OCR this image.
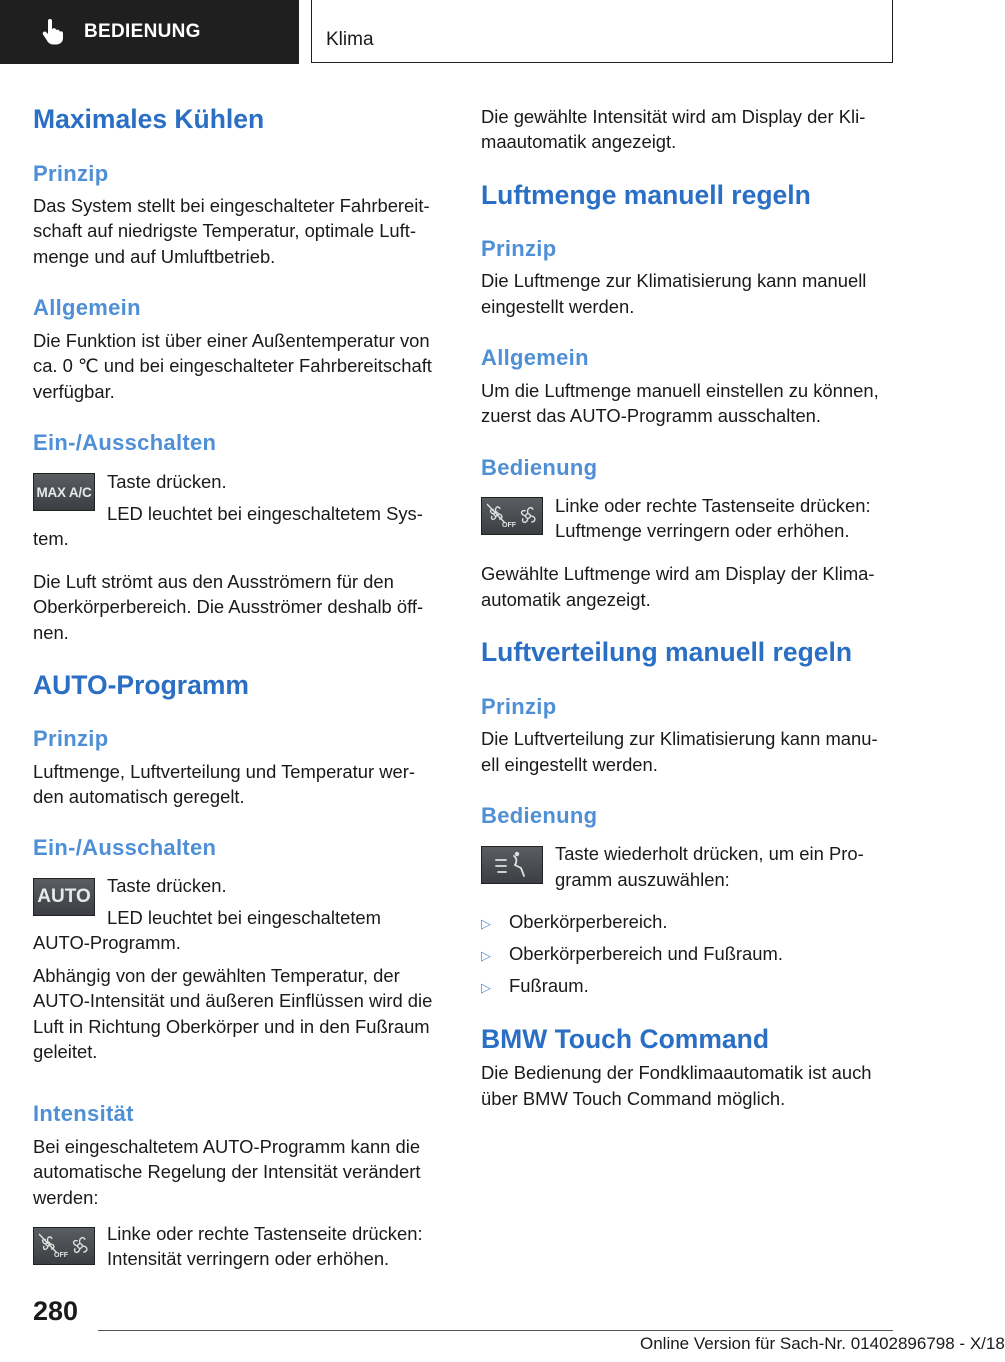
BEDIENUNG	Klima
Maximales Kühlen
Prinzip
Das System stellt bei eingeschalteter Fahrbereit-
schaft auf niedrigste Temperatur, optimale Luft-
menge und auf Umluftbetrieb.
Allgemein
Die Funktion ist über einer Außentemperatur von
ca. 0 ℃ und bei eingeschalteter Fahrbereitschaft
verfügbar.
Ein-/Ausschalten
MAX A/C Taste drücken.
LED leuchtet bei eingeschaltetem Sys-
tem.
Die Luft strömt aus den Ausströmern für den
Oberkörperbereich. Die Ausströmer deshalb öff-
nen.
AUTO-Programm
Prinzip
Luftmenge, Luftverteilung und Temperatur wer-
den automatisch geregelt.
Ein-/Ausschalten
AUTO
Taste drücken.
LED leuchtet bei eingeschaltetem
AUTO-Programm.
Abhängig von der gewählten Temperatur, der
AUTO-Intensität und äußeren Einflüssen wird die
Luft in Richtung Oberkörper und in den Fußraum
geleitet.
Intensität
Bei eingeschaltetem AUTO-Programm kann die
automatische Regelung der Intensität verändert
werden:
OFF
Linke oder rechte Tastenseite drücken:
Intensität verringern oder erhöhen.
Die gewählte Intensität wird am Display der Kli-
maautomatik angezeigt.
Luftmenge manuell regeln
Prinzip
Die Luftmenge zur Klimatisierung kann manuell
eingestellt werden.
Allgemein
Um die Luftmenge manuell einstellen zu können,
zuerst das AUTO-Programm ausschalten.
Bedienung
OFF
Linke oder rechte Tastenseite drücken:
Luftmenge verringern oder erhöhen.
Gewählte Luftmenge wird am Display der Klima-
automatik angezeigt.
Luftverteilung manuell regeln
Prinzip
Die Luftverteilung zur Klimatisierung kann manu-
ell eingestellt werden.
Bedienung
Taste wiederholt drücken, um ein Pro-
gramm auszuwählen:
▷ Oberkörperbereich.
▷ Oberkörperbereich und Fußraum.
▷ Fußraum.
BMW Touch Command
Die Bedienung der Fondklimaautomatik ist auch
über BMW Touch Command möglich.
280
Online Version für Sach-Nr. 01402896798 - X/18
